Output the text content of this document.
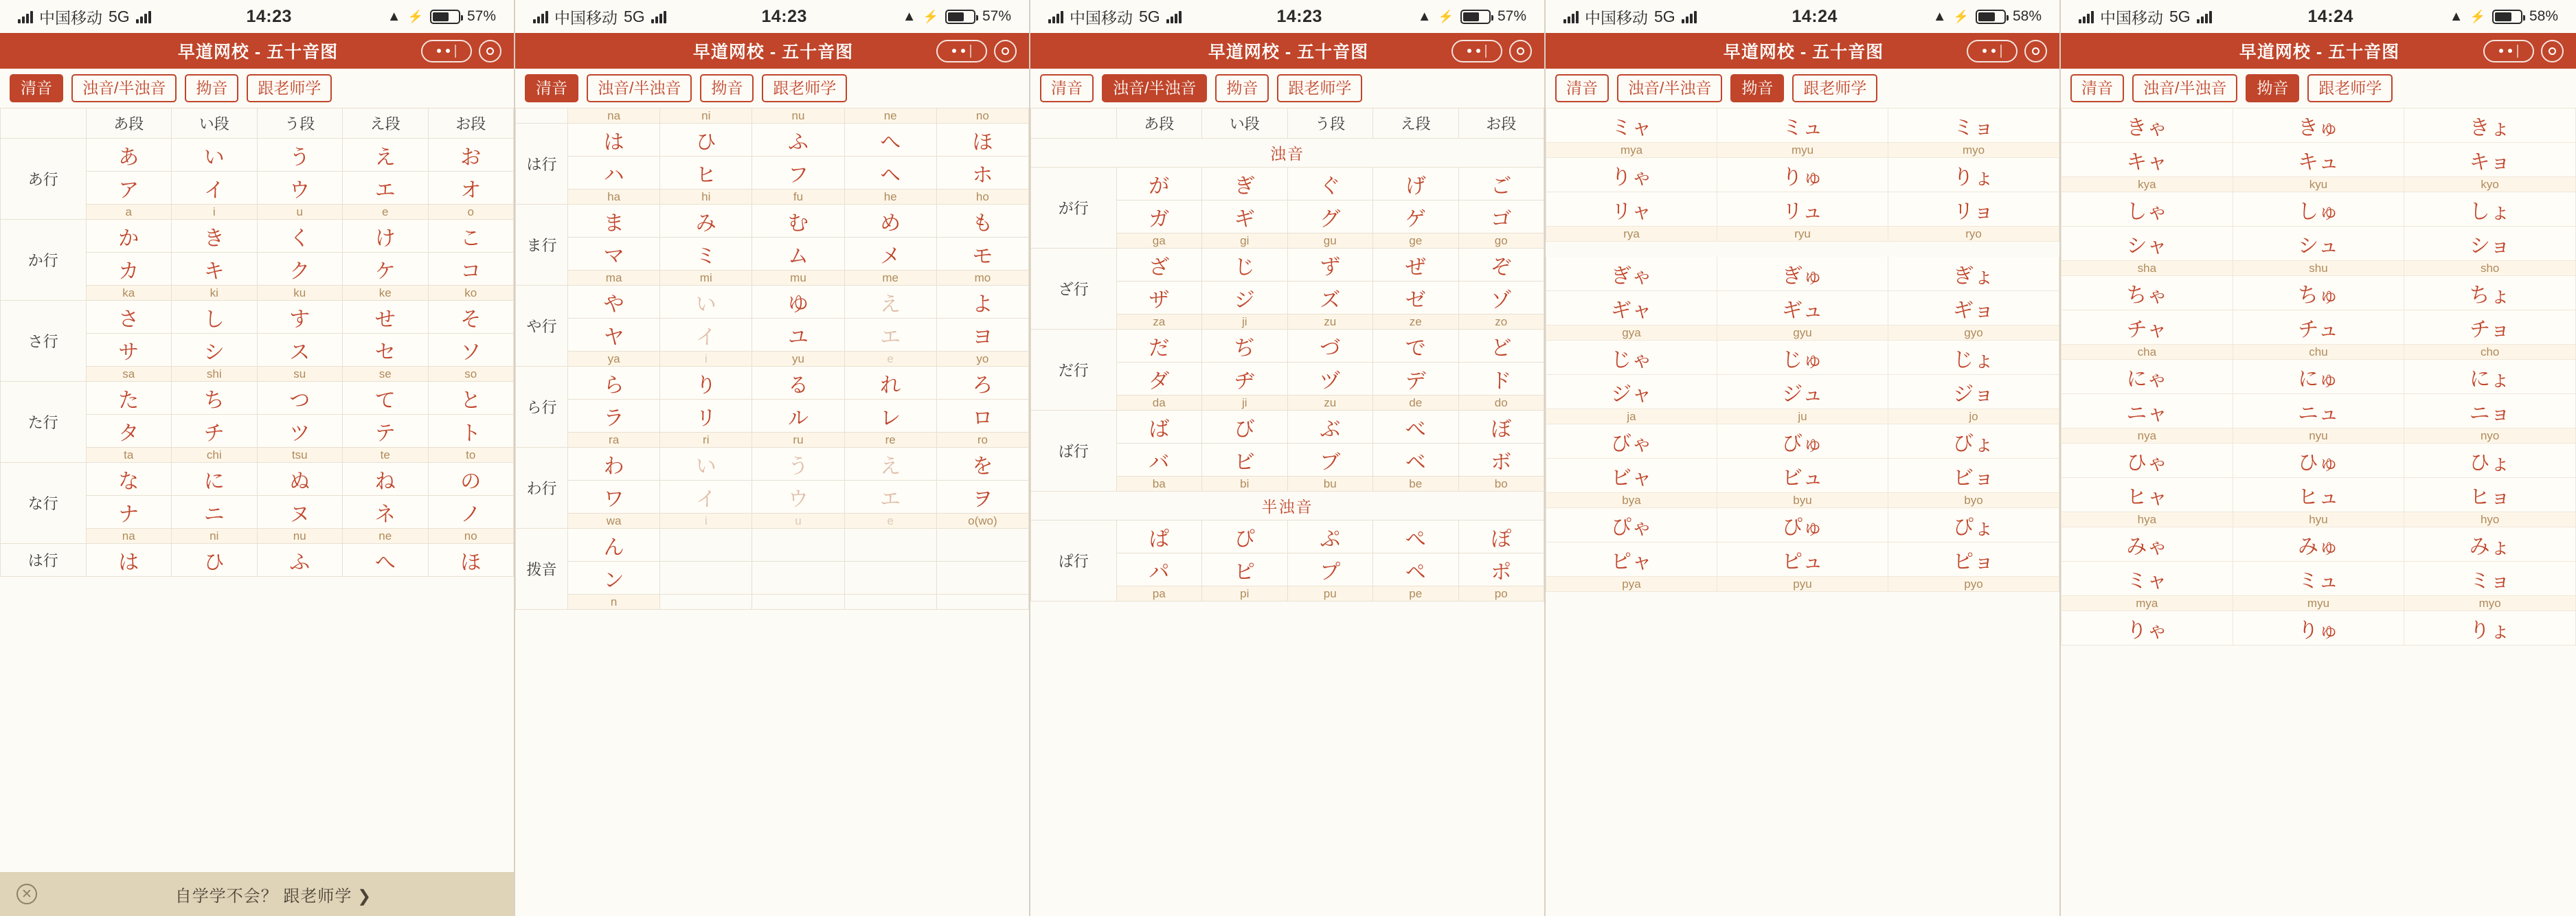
中国移动 5G	14:23	▲ ⚡	57%
早道网校 - 五十音图
清音	浊音/半浊音	拗音	跟老师学
	あ段	い段	う段	え段	お段
あ行	あ	い	う	え	お
	ア	イ	ウ	エ	オ
	a	i	u	e	o
か行	か	き	く	け	こ
	カ	キ	ク	ケ	コ
	ka	ki	ku	ke	ko
さ行	さ	し	す	せ	そ
	サ	シ	ス	セ	ソ
	sa	shi	su	se	so
た行	た	ち	つ	て	と
	タ	チ	ツ	テ	ト
	ta	chi	tsu	te	to
な行	な	に	ぬ	ね	の
	ナ	ニ	ヌ	ネ	ノ
	na	ni	nu	ne	no
は行	は	ひ	ふ	へ	ほ
✕	自学学不会？ 跟老师学 ❯
中国移动 5G	14:23	▲ ⚡	57%
早道网校 - 五十音图
清音	浊音/半浊音	拗音	跟老师学
	na	ni	nu	ne	no
は行	は	ひ	ふ	へ	ほ
	ハ	ヒ	フ	ヘ	ホ
	ha	hi	fu	he	ho
ま行	ま	み	む	め	も
	マ	ミ	ム	メ	モ
	ma	mi	mu	me	mo
や行	や	い	ゆ	え	よ
	ヤ	イ	ユ	エ	ヨ
	ya	i	yu	e	yo
ら行	ら	り	る	れ	ろ
	ラ	リ	ル	レ	ロ
	ra	ri	ru	re	ro
わ行	わ	い	う	え	を
	ワ	イ	ウ	エ	ヲ
	wa	i	u	e	o(wo)
拨音	ん				
	ン				
	n				
中国移动 5G	14:23	▲ ⚡	57%
早道网校 - 五十音图
清音	浊音/半浊音	拗音	跟老师学
	あ段	い段	う段	え段	お段
浊音					
が行	が	ぎ	ぐ	げ	ご
	ガ	ギ	グ	ゲ	ゴ
	ga	gi	gu	ge	go
ざ行	ざ	じ	ず	ぜ	ぞ
	ザ	ジ	ズ	ゼ	ゾ
	za	ji	zu	ze	zo
だ行	だ	ぢ	づ	で	ど
	ダ	ヂ	ヅ	デ	ド
	da	ji	zu	de	do
ば行	ば	び	ぶ	べ	ぼ
	バ	ビ	ブ	ベ	ボ
	ba	bi	bu	be	bo
半浊音					
ぱ行	ぱ	ぴ	ぷ	ぺ	ぽ
	パ	ピ	プ	ペ	ポ
	pa	pi	pu	pe	po
中国移动 5G	14:24	▲ ⚡	58%
早道网校 - 五十音图
清音	浊音/半浊音	拗音	跟老师学
ミャ	ミュ	ミョ
mya	myu	myo
りゃ	りゅ	りょ
リャ	リュ	リョ
rya	ryu	ryo

ぎゃ	ぎゅ	ぎょ
ギャ	ギュ	ギョ
gya	gyu	gyo
じゃ	じゅ	じょ
ジャ	ジュ	ジョ
ja	ju	jo
びゃ	びゅ	びょ
ビャ	ビュ	ビョ
bya	byu	byo
ぴゃ	ぴゅ	ぴょ
ピャ	ピュ	ピョ
pya	pyu	pyo
中国移动 5G	14:24	▲ ⚡	58%
早道网校 - 五十音图
清音	浊音/半浊音	拗音	跟老师学
きゃ	きゅ	きょ
キャ	キュ	キョ
kya	kyu	kyo
しゃ	しゅ	しょ
シャ	シュ	ショ
sha	shu	sho
ちゃ	ちゅ	ちょ
チャ	チュ	チョ
cha	chu	cho
にゃ	にゅ	にょ
ニャ	ニュ	ニョ
nya	nyu	nyo
ひゃ	ひゅ	ひょ
ヒャ	ヒュ	ヒョ
hya	hyu	hyo
みゃ	みゅ	みょ
ミャ	ミュ	ミョ
mya	myu	myo
りゃ	りゅ	りょ
